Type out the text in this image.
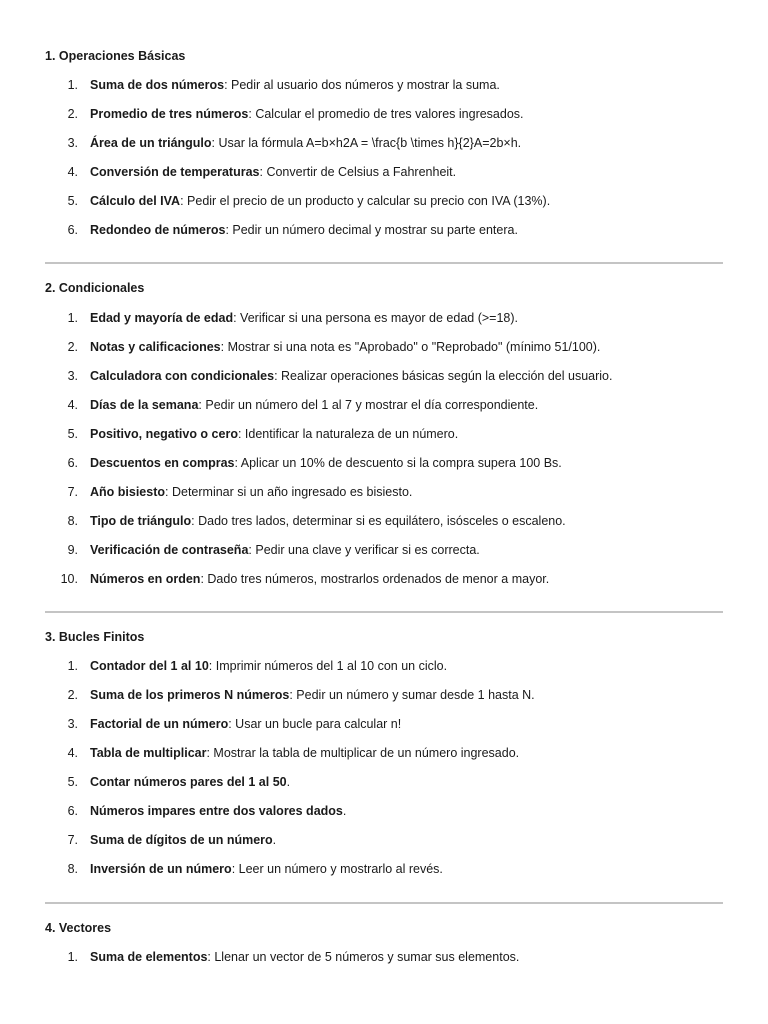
1. Operaciones Básicas
1. Suma de dos números: Pedir al usuario dos números y mostrar la suma.
2. Promedio de tres números: Calcular el promedio de tres valores ingresados.
3. Área de un triángulo: Usar la fórmula A=b×h2A = \frac{b \times h}{2}A=2b×h.
4. Conversión de temperaturas: Convertir de Celsius a Fahrenheit.
5. Cálculo del IVA: Pedir el precio de un producto y calcular su precio con IVA (13%).
6. Redondeo de números: Pedir un número decimal y mostrar su parte entera.
2. Condicionales
1. Edad y mayoría de edad: Verificar si una persona es mayor de edad (>=18).
2. Notas y calificaciones: Mostrar si una nota es "Aprobado" o "Reprobado" (mínimo 51/100).
3. Calculadora con condicionales: Realizar operaciones básicas según la elección del usuario.
4. Días de la semana: Pedir un número del 1 al 7 y mostrar el día correspondiente.
5. Positivo, negativo o cero: Identificar la naturaleza de un número.
6. Descuentos en compras: Aplicar un 10% de descuento si la compra supera 100 Bs.
7. Año bisiesto: Determinar si un año ingresado es bisiesto.
8. Tipo de triángulo: Dado tres lados, determinar si es equilátero, isósceles o escaleno.
9. Verificación de contraseña: Pedir una clave y verificar si es correcta.
10. Números en orden: Dado tres números, mostrarlos ordenados de menor a mayor.
3. Bucles Finitos
1. Contador del 1 al 10: Imprimir números del 1 al 10 con un ciclo.
2. Suma de los primeros N números: Pedir un número y sumar desde 1 hasta N.
3. Factorial de un número: Usar un bucle para calcular n!
4. Tabla de multiplicar: Mostrar la tabla de multiplicar de un número ingresado.
5. Contar números pares del 1 al 50.
6. Números impares entre dos valores dados.
7. Suma de dígitos de un número.
8. Inversión de un número: Leer un número y mostrarlo al revés.
4. Vectores
1. Suma de elementos: Llenar un vector de 5 números y sumar sus elementos.
